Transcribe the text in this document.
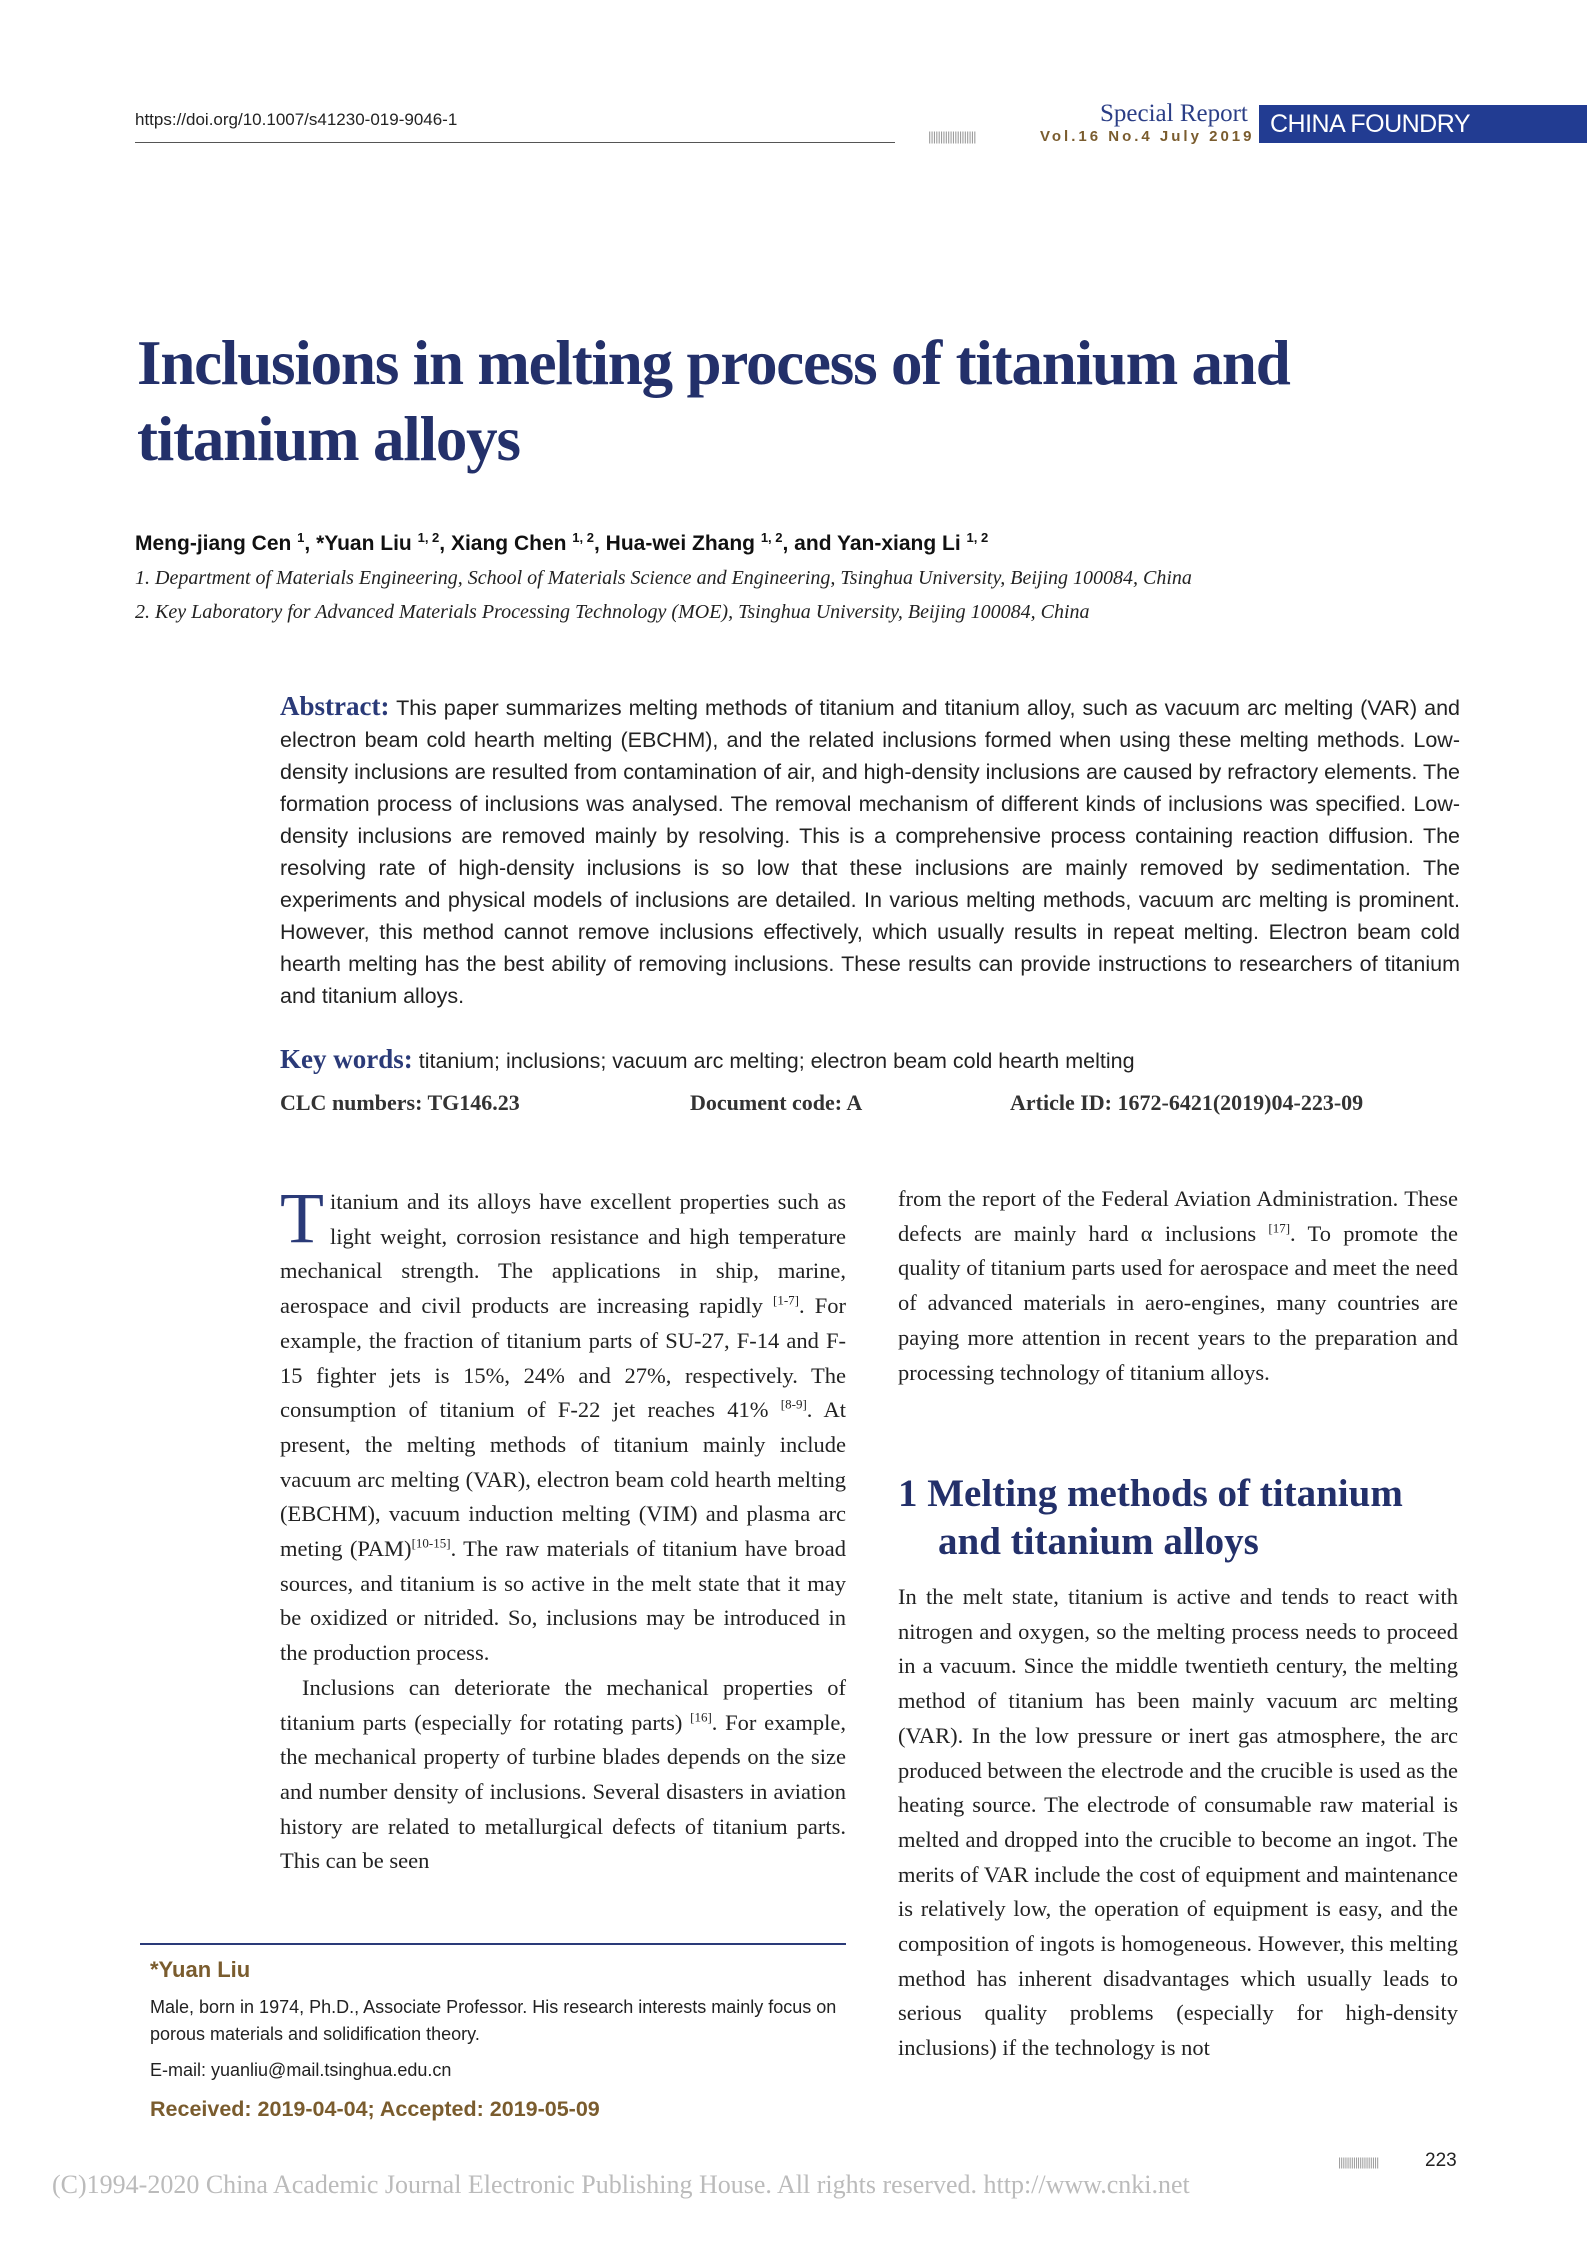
https://doi.org/10.1007/s41230-019-9046-1	Special Report
||||||||||||||||||||	Vol.16 No.4 July 2019 CHINA FOUNDRY
Inclusions in melting process of titanium and
titanium alloys
Meng-jiang Cen $^1$, *Yuan Liu $^{1, 2}$, Xiang Chen $^{1, 2}$, Hua-wei Zhang $^{1, 2}$, and Yan-xiang Li $^{1, 2}$
1. Department of Materials Engineering, School of Materials Science and Engineering, Tsinghua University, Beijing 100084, China
2. Key Laboratory for Advanced Materials Processing Technology (MOE), Tsinghua University, Beijing 100084, China
Abstract: This paper summarizes melting methods of titanium and titanium alloy, such as vacuum arc melting (VAR) and electron beam cold hearth melting (EBCHM), and the related inclusions formed when using these melting methods. Low-density inclusions are resulted from contamination of air, and high-density inclusions are caused by refractory elements. The formation process of inclusions was analysed. The removal mechanism of different kinds of inclusions was specified. Low-density inclusions are removed mainly by resolving. This is a comprehensive process containing reaction diffusion. The resolving rate of high-density inclusions is so low that these inclusions are mainly removed by sedimentation. The experiments and physical models of inclusions are detailed. In various melting methods, vacuum arc melting is prominent. However, this method cannot remove inclusions effectively, which usually results in repeat melting. Electron beam cold hearth melting has the best ability of removing inclusions. These results can provide instructions to researchers of titanium and titanium alloys.
Key words: titanium; inclusions; vacuum arc melting; electron beam cold hearth melting
CLC numbers: TG146.23	Document code: A	Article ID: 1672-6421(2019)04-223-09

Titanium and its alloys have excellent properties such as light weight, corrosion resistance and high temperature mechanical strength. The applications in ship, marine, aerospace and civil products are increasing rapidly [1-7]. For example, the fraction of titanium parts of SU-27, F-14 and F-15 fighter jets is 15%, 24% and 27%, respectively. The consumption of titanium of F-22 jet reaches 41% [8-9]. At present, the melting methods of titanium mainly include vacuum arc melting (VAR), electron beam cold hearth melting (EBCHM), vacuum induction melting (VIM) and plasma arc meting (PAM)[10-15]. The raw materials of titanium have broad sources, and titanium is so active in the melt state that it may be oxidized or nitrided. So, inclusions may be introduced in the production process.

Inclusions can deteriorate the mechanical properties of titanium parts (especially for rotating parts) [16]. For example, the mechanical property of turbine blades depends on the size and number density of inclusions. Several disasters in aviation history are related to metallurgical defects of titanium parts. This can be seen

from the report of the Federal Aviation Administration. These defects are mainly hard α inclusions [17]. To promote the quality of titanium parts used for aerospace and meet the need of advanced materials in aero-engines, many countries are paying more attention in recent years to the preparation and processing technology of titanium alloys.

1 Melting methods of titanium
and titanium alloys

In the melt state, titanium is active and tends to react with nitrogen and oxygen, so the melting process needs to proceed in a vacuum. Since the middle twentieth century, the melting method of titanium has been mainly vacuum arc melting (VAR). In the low pressure or inert gas atmosphere, the arc produced between the electrode and the crucible is used as the heating source. The electrode of consumable raw material is melted and dropped into the crucible to become an ingot. The merits of VAR include the cost of equipment and maintenance is relatively low, the operation of equipment is easy, and the composition of ingots is homogeneous. However, this melting method has inherent disadvantages which usually leads to serious quality problems (especially for high-density inclusions) if the technology is not

*Yuan Liu
Male, born in 1974, Ph.D., Associate Professor. His research interests mainly focus on porous materials and solidification theory.
E-mail: yuanliu@mail.tsinghua.edu.cn
Received: 2019-04-04; Accepted: 2019-05-09
||||||||||||||||||| 223
(C)1994-2020 China Academic Journal Electronic Publishing House. All rights reserved. http://www.cnki.net
